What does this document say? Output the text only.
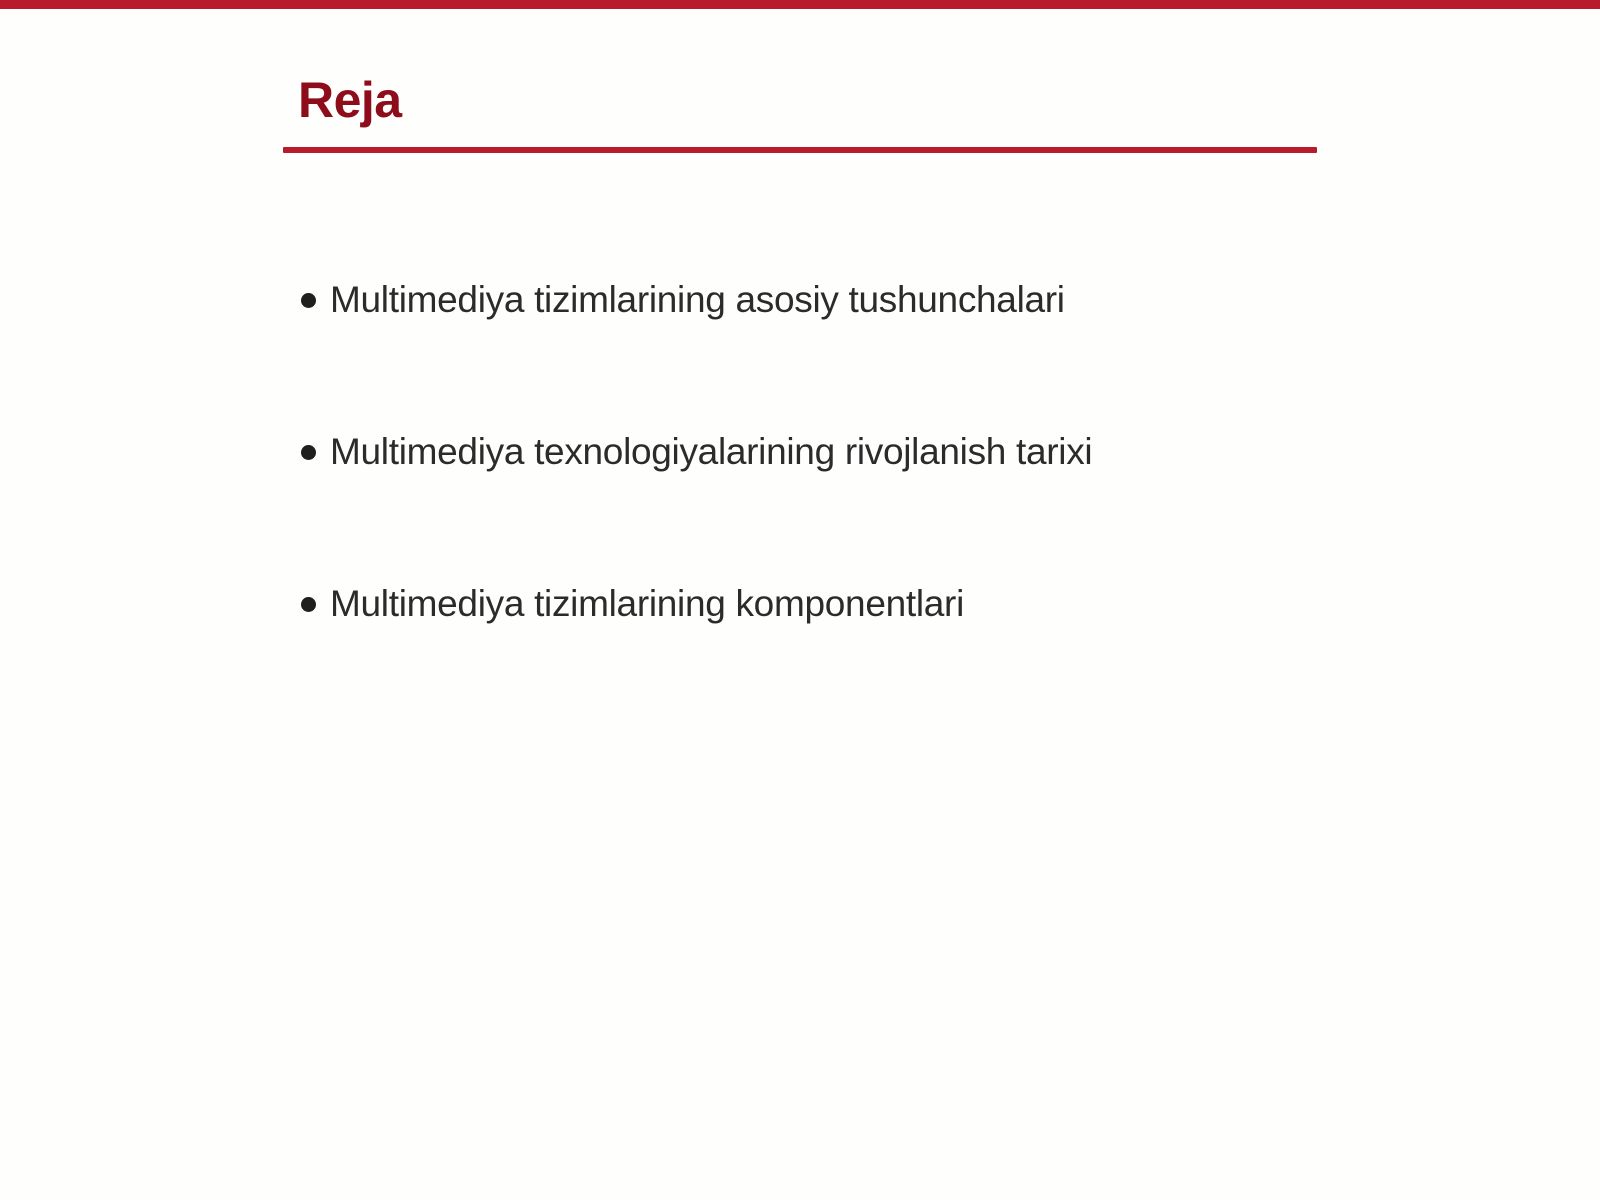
Reja
Multimediya tizimlarining asosiy tushunchalari
Multimediya texnologiyalarining rivojlanish tarixi
Multimediya tizimlarining komponentlari
